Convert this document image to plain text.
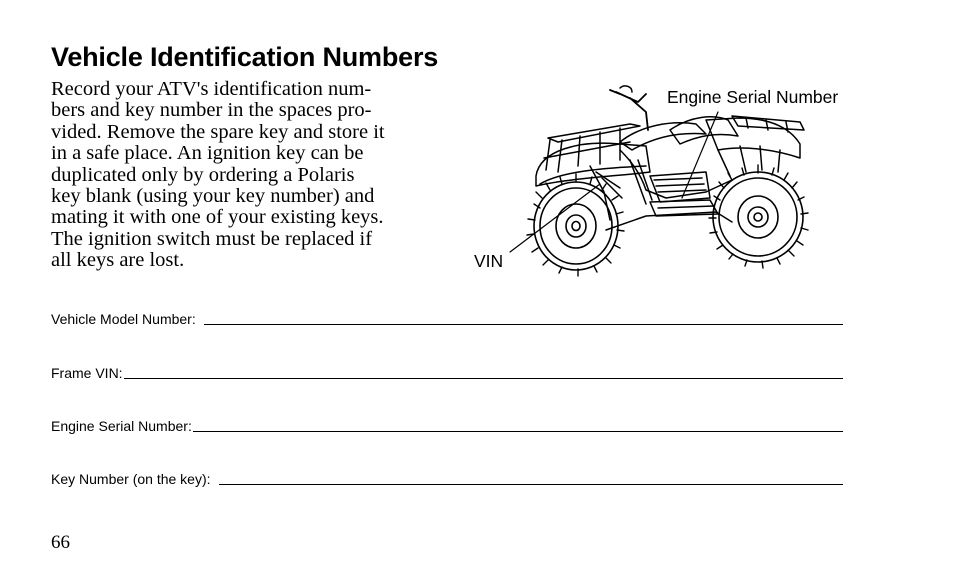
Vehicle Identification Numbers
Record your ATV's identification num-
bers and key number in the spaces pro-
vided. Remove the spare key and store it
in a safe place. An ignition key can be
duplicated only by ordering a Polaris
key blank (using your key number) and
mating it with one of your existing keys.
The ignition switch must be replaced if
all keys are lost.
Engine Serial Number
VIN
Vehicle Model Number:
Frame VIN:
Engine Serial Number:
Key Number (on the key):
66
